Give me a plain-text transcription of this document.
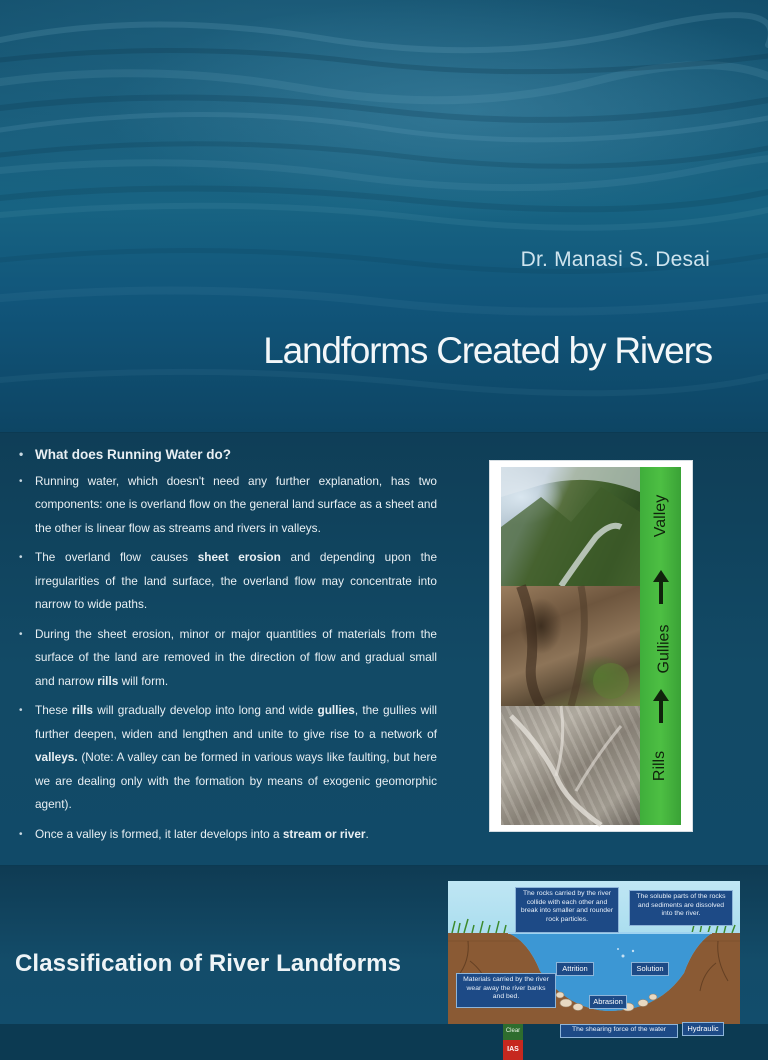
Dr. Manasi S. Desai
Landforms Created by Rivers
• What does Running Water do?
• Running water, which doesn't need any further explanation, has two components: one is overland flow on the general land surface as a sheet and the other is linear flow as streams and rivers in valleys.
• The overland flow causes sheet erosion and depending upon the irregularities of the land surface, the overland flow may concentrate into narrow to wide paths.
• During the sheet erosion, minor or major quantities of materials from the surface of the land are removed in the direction of flow and gradual small and narrow rills will form.
• These rills will gradually develop into long and wide gullies, the gullies will further deepen, widen and lengthen and unite to give rise to a network of valleys. (Note: A valley can be formed in various ways like faulting, but here we are dealing only with the formation by means of exogenic geomorphic agent).
• Once a valley is formed, it later develops into a stream or river.
Clear
IAS
Valley
Gullies
Rills
Classification of River Landforms
The rocks carried by the river collide with each other and break into smaller and rounder rock particles.
The soluble parts of the rocks and sediments are dissolved into the river.
Materials carried by the river wear away the river banks and bed.
Attrition	Solution
Abrasion
The shearing force of the water	Hydraulic
